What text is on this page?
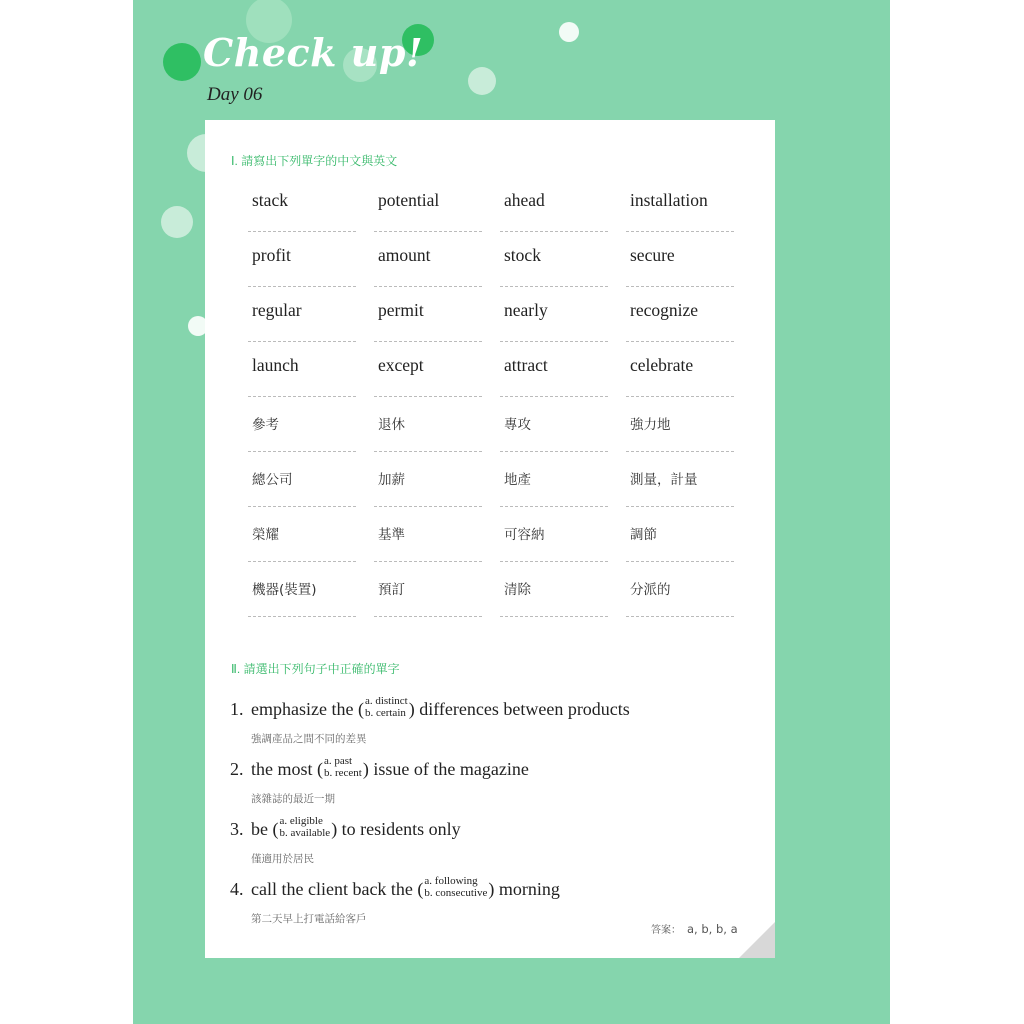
Check up!
Day 06
Ⅰ. 請寫出下列單字的中文與英文
stack	potential	ahead	installation
profit	amount	stock	secure
regular	permit	nearly	recognize
launch	except	attract	celebrate
參考	退休	專攻	強力地
總公司	加薪	地產	測量，計量
榮耀	基準	可容納	調節
機器(裝置)	預訂	清除	分派的
Ⅱ. 請選出下列句子中正確的單字
1. emphasize the ( a. distinct
b. certain ) differences between products
強調產品之間不同的差異
2. the most ( a. past
b. recent ) issue of the magazine
該雜誌的最近一期
3. be ( a. eligible
b. available ) to residents only
僅適用於居民
4. call the client back the ( a. following
b. consecutive ) morning
第二天早上打電話給客戶
答案： a, b, b, a
